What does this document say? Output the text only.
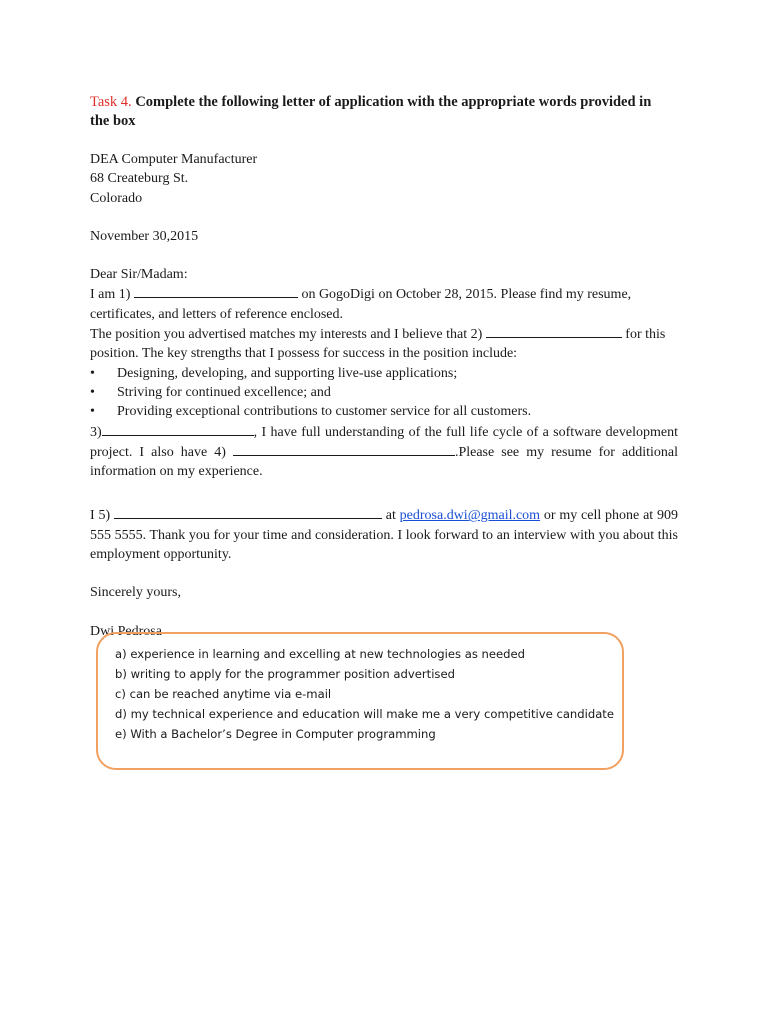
Task 4. Complete the following letter of application with the appropriate words provided in the box

DEA Computer Manufacturer

68 Createburg St.

Colorado

November 30,2015

Dear Sir/Madam:

I am 1)	on GogoDigi on October 28, 2015. Please find my resume,

certificates, and letters of reference enclosed.

The position you advertised matches my interests and I believe that 2)	for this

position. The key strengths that I possess for success in the position include:

• Designing, developing, and supporting live-use applications;
• Striving for continued excellence; and
• Providing exceptional contributions to customer service for all customers.

3)	, I have full understanding of the full life cycle of a software development project. I also have 4)	.Please see my resume for additional information on my experience.

I 5)	at pedrosa.dwi@gmail.com or my cell phone at 909 555 5555. Thank you for your time and consideration. I look forward to an interview with you about this employment opportunity.

Sincerely yours,

Dwi Pedrosa

a) experience in learning and excelling at new technologies as needed

b) writing to apply for the programmer position advertised

c) can be reached anytime via e-mail

d) my technical experience and education will make me a very competitive candidate

e) With a Bachelor’s Degree in Computer programming
